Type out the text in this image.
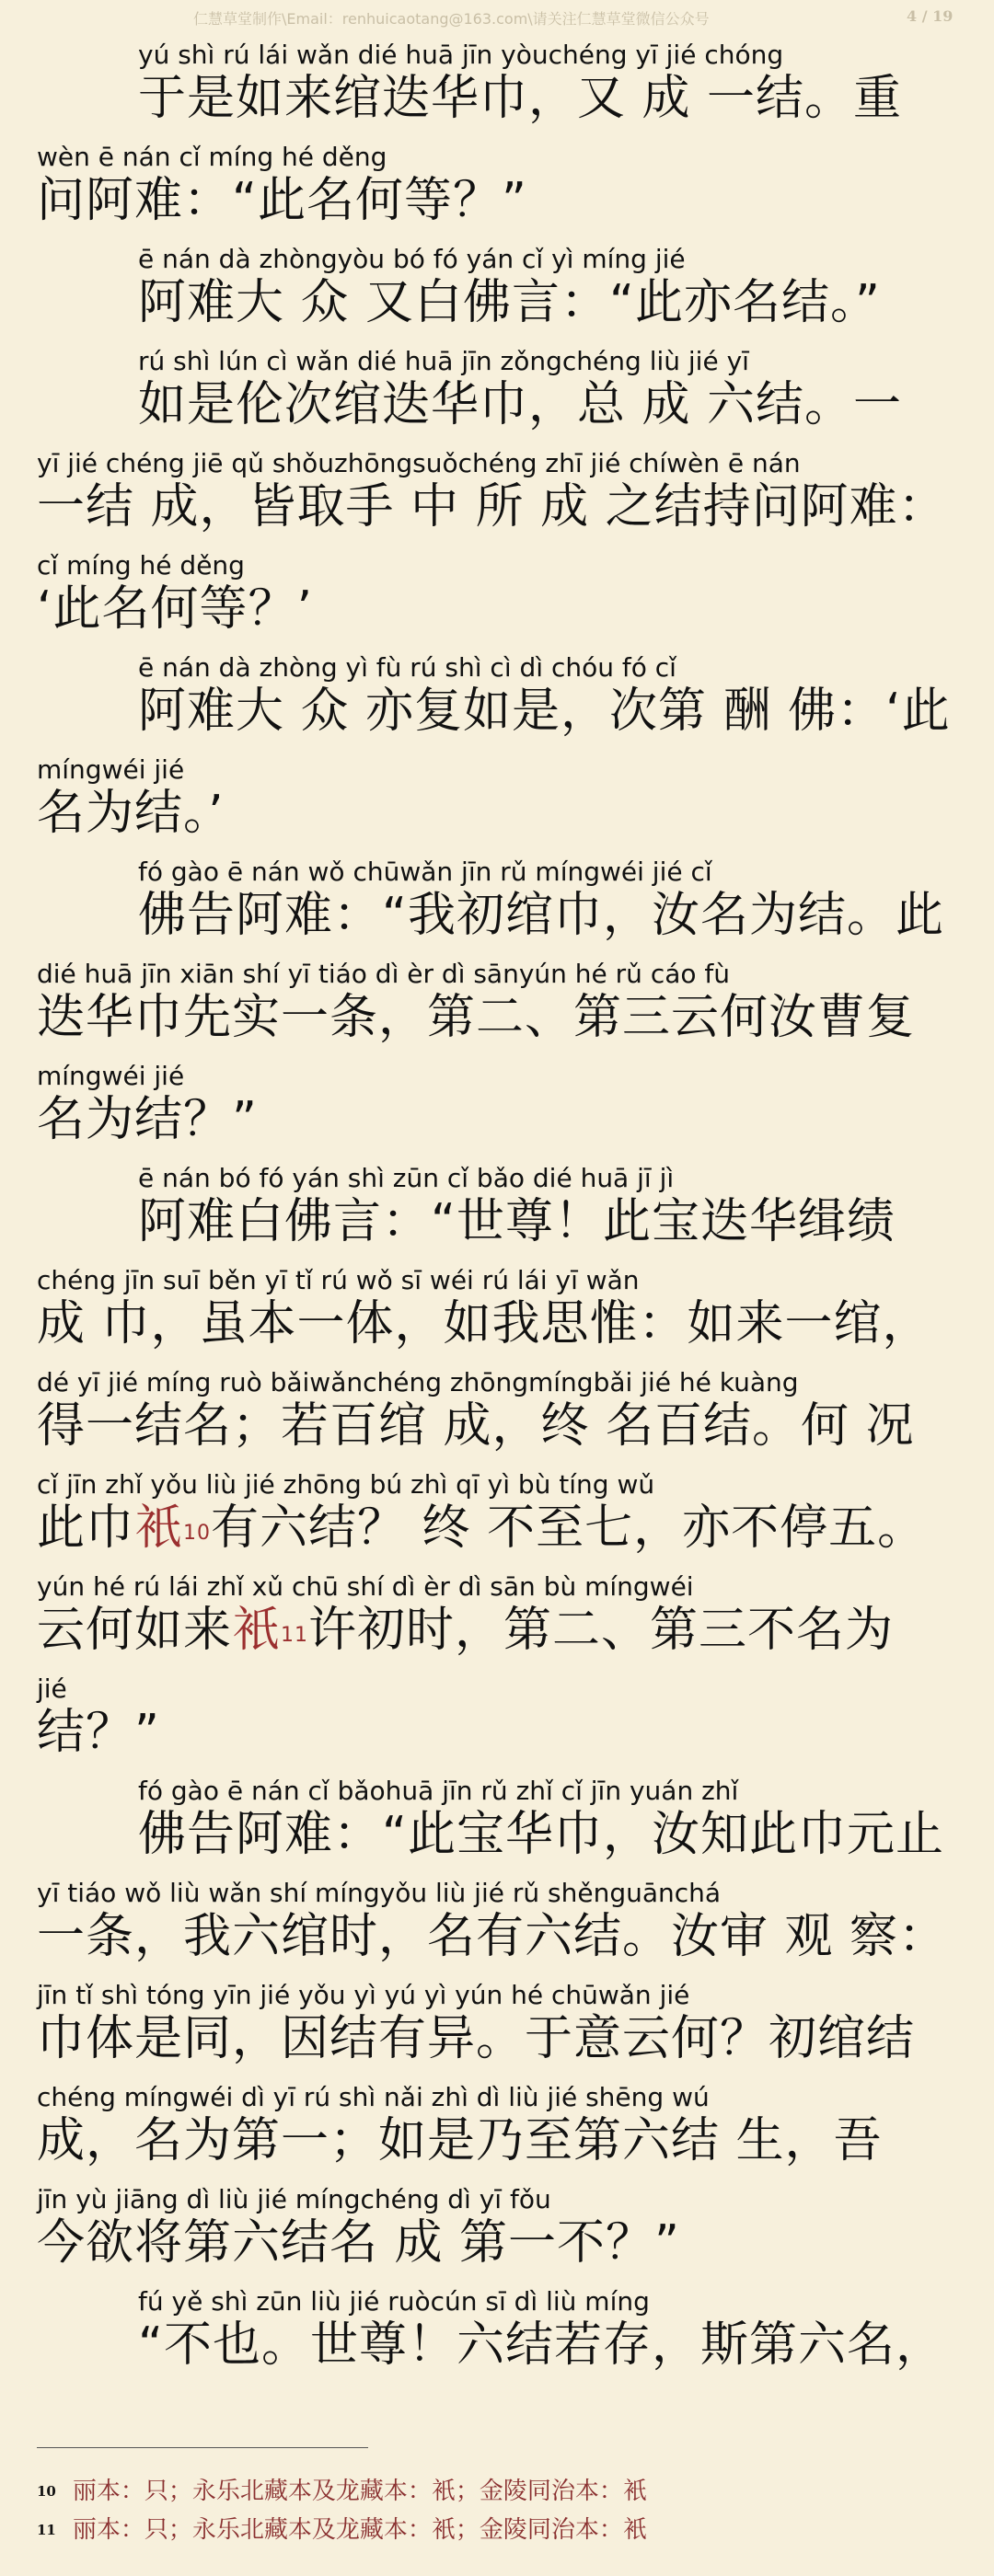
仁慧草堂制作\Email：renhuicaotang@163.com\请关注仁慧草堂微信公众号	4 / 19
yú shì rú lái wǎn dié huā jīn yòuchéng yī jié chóng
于是如来绾迭华巾，又 成 一结。重
wèn ē nán cǐ míng hé děng
问阿难：“此名何等？”
ē nán dà zhòngyòu bó fó yán cǐ yì míng jié
阿难大 众 又白佛言：“此亦名结。”
rú shì lún cì wǎn dié huā jīn zǒngchéng liù jié yī
如是伦次绾迭华巾，总 成 六结。一
yī jié chéng jiē qǔ shǒuzhōngsuǒchéng zhī jié chíwèn ē nán
一结 成，皆取手 中 所 成 之结持问阿难：
cǐ míng hé děng
‘此名何等？’
ē nán dà zhòng yì fù rú shì cì dì chóu fó cǐ
阿难大 众 亦复如是，次第 酬 佛：‘此
míngwéi jié
名为结。’
fó gào ē nán wǒ chūwǎn jīn rǔ míngwéi jié cǐ
佛告阿难：“我初绾巾，汝名为结。此
dié huā jīn xiān shí yī tiáo dì èr dì sānyún hé rǔ cáo fù
迭华巾先实一条，第二、第三云何汝曹复
míngwéi jié
名为结？”
ē nán bó fó yán shì zūn cǐ bǎo dié huā jī jì
阿难白佛言：“世尊！此宝迭华缉绩
chéng jīn suī běn yī tǐ rú wǒ sī wéi rú lái yī wǎn
成 巾，虽本一体，如我思惟：如来一绾，
dé yī jié míng ruò bǎiwǎnchéng zhōngmíngbǎi jié hé kuàng
得一结名；若百绾 成，终 名百结。何 况
cǐ jīn zhǐ yǒu liù jié zhōng bú zhì qī yì bù tíng wǔ
此巾衹$^{10}$有六结？ 终 不至七，亦不停五。
yún hé rú lái zhǐ xǔ chū shí dì èr dì sān bù míngwéi
云何如来衹$^{11}$许初时，第二、第三不名为
jié
结？”
fó gào ē nán cǐ bǎohuā jīn rǔ zhǐ cǐ jīn yuán zhǐ
佛告阿难：“此宝华巾，汝知此巾元止
yī tiáo wǒ liù wǎn shí míngyǒu liù jié rǔ shěnguānchá
一条，我六绾时，名有六结。汝审 观 察：
jīn tǐ shì tóng yīn jié yǒu yì yú yì yún hé chūwǎn jié
巾体是同，因结有异。于意云何？初绾结
chéng míngwéi dì yī rú shì nǎi zhì dì liù jié shēng wú
成，名为第一；如是乃至第六结 生，吾
jīn yù jiāng dì liù jié míngchéng dì yī fǒu
今欲将第六结名 成 第一不？”
fú yě shì zūn liù jié ruòcún sī dì liù míng
“不也。世尊！六结若存，斯第六名，
$^{10}$ 丽本：只；永乐北藏本及龙藏本：衹；金陵同治本：衹
$^{11}$ 丽本：只；永乐北藏本及龙藏本：衹；金陵同治本：衹
